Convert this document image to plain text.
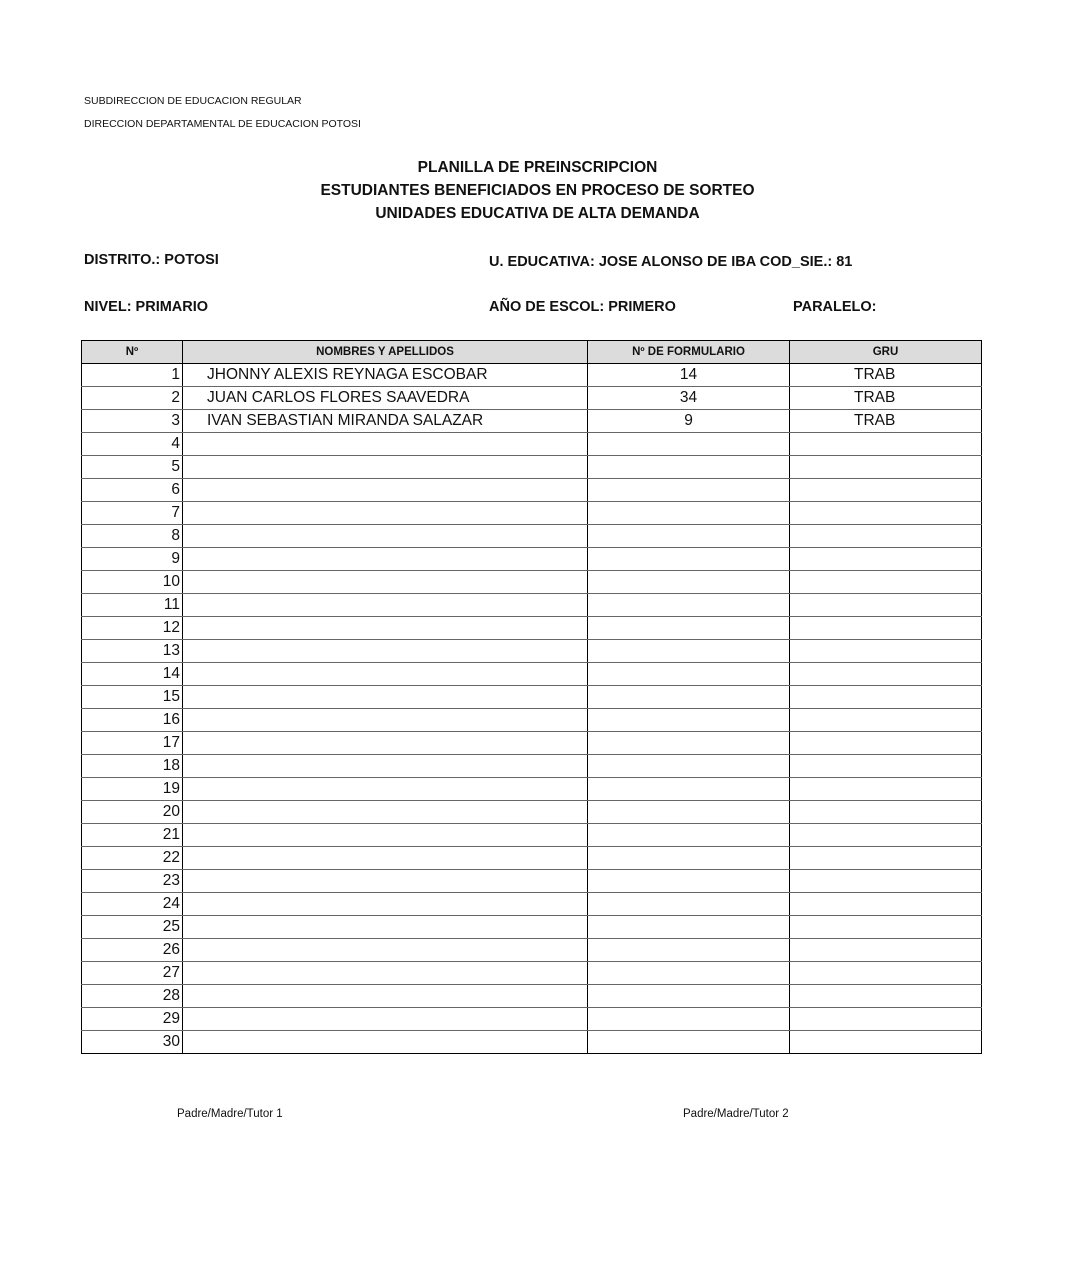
SUBDIRECCION DE EDUCACION REGULAR
DIRECCION DEPARTAMENTAL DE EDUCACION POTOSI
PLANILLA DE PREINSCRIPCION
ESTUDIANTES BENEFICIADOS EN PROCESO DE SORTEO
UNIDADES EDUCATIVA DE ALTA DEMANDA
DISTRITO.: POTOSI	U. EDUCATIVA: JOSE ALONSO DE IBA COD_SIE.: 81
NIVEL: PRIMARIO	AÑO DE ESCOL: PRIMERO	PARALELO:
Nº	NOMBRES Y APELLIDOS	Nº DE FORMULARIO	GRU
1	JHONNY ALEXIS REYNAGA ESCOBAR	14	TRAB
2	JUAN CARLOS FLORES SAAVEDRA	34	TRAB
3	IVAN SEBASTIAN MIRANDA SALAZAR	9	TRAB
4			
5			
6			
7			
8			
9			
10			
11			
12			
13			
14			
15			
16			
17			
18			
19			
20			
21			
22			
23			
24			
25			
26			
27			
28			
29			
30			
Padre/Madre/Tutor 1	Padre/Madre/Tutor 2
